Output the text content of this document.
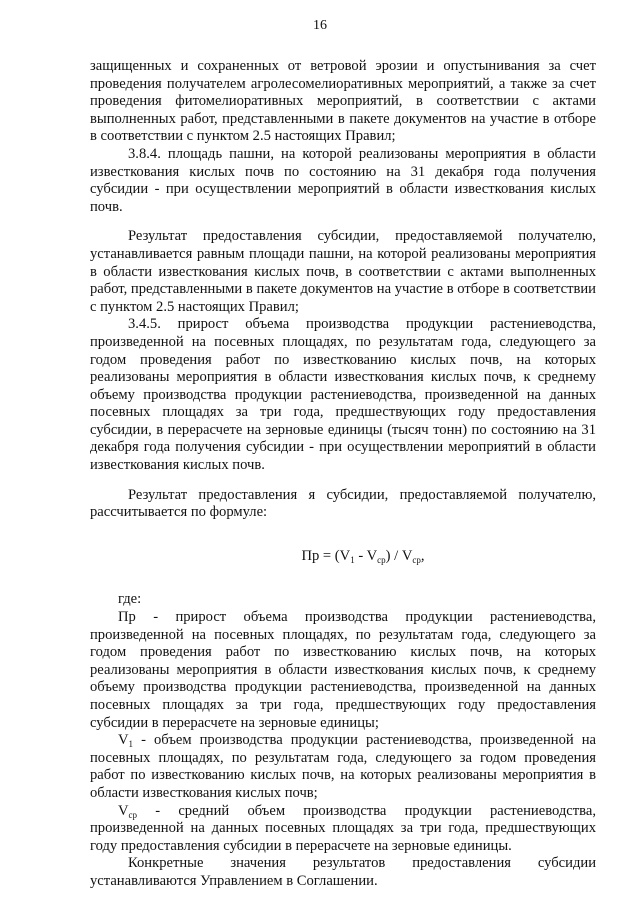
16

защищенных и сохраненных от ветровой эрозии и опустынивания за счет проведения получателем агролесомелиоративных мероприятий, а также за счет проведения фитомелиоративных мероприятий, в соответствии с актами выполненных работ, представленными в пакете документов на участие в отборе в соответствии с пунктом 2.5 настоящих Правил;

3.8.4. площадь пашни, на которой реализованы мероприятия в области известкования кислых почв по состоянию на 31 декабря года получения субсидии - при осуществлении мероприятий в области известкования кислых почв.

Результат предоставления субсидии, предоставляемой получателю, устанавливается равным площади пашни, на которой реализованы мероприятия в области известкования кислых почв, в соответствии с актами выполненных работ, представленными в пакете документов на участие в отборе в соответствии с пунктом 2.5 настоящих Правил;

3.4.5. прирост объема производства продукции растениеводства, произведенной на посевных площадях, по результатам года, следующего за годом проведения работ по известкованию кислых почв, на которых реализованы мероприятия в области известкования кислых почв, к среднему объему производства продукции растениеводства, произведенной на данных посевных площадях за три года, предшествующих году предоставления субсидии, в перерасчете на зерновые единицы (тысяч тонн) по состоянию на 31 декабря года получения субсидии - при осуществлении мероприятий в области известкования кислых почв.

Результат предоставления я субсидии, предоставляемой получателю, рассчитывается по формуле:

Пр = $(V_1 - V_{ср}) / V_{ср}$,

где:

Пр - прирост объема производства продукции растениеводства, произведенной на посевных площадях, по результатам года, следующего за годом проведения работ по известкованию кислых почв, на которых реализованы мероприятия в области известкования кислых почв, к среднему объему производства продукции растениеводства, произведенной на данных посевных площадях за три года, предшествующих году предоставления субсидии в перерасчете на зерновые единицы;

$V_1$ - объем производства продукции растениеводства, произведенной на посевных площадях, по результатам года, следующего за годом проведения работ по известкованию кислых почв, на которых реализованы мероприятия в области известкования кислых почв;

$V_{ср}$ - средний объем производства продукции растениеводства, произведенной на данных посевных площадях за три года, предшествующих году предоставления субсидии в перерасчете на зерновые единицы.

Конкретные значения результатов предоставления субсидии устанавливаются Управлением в Соглашении.
